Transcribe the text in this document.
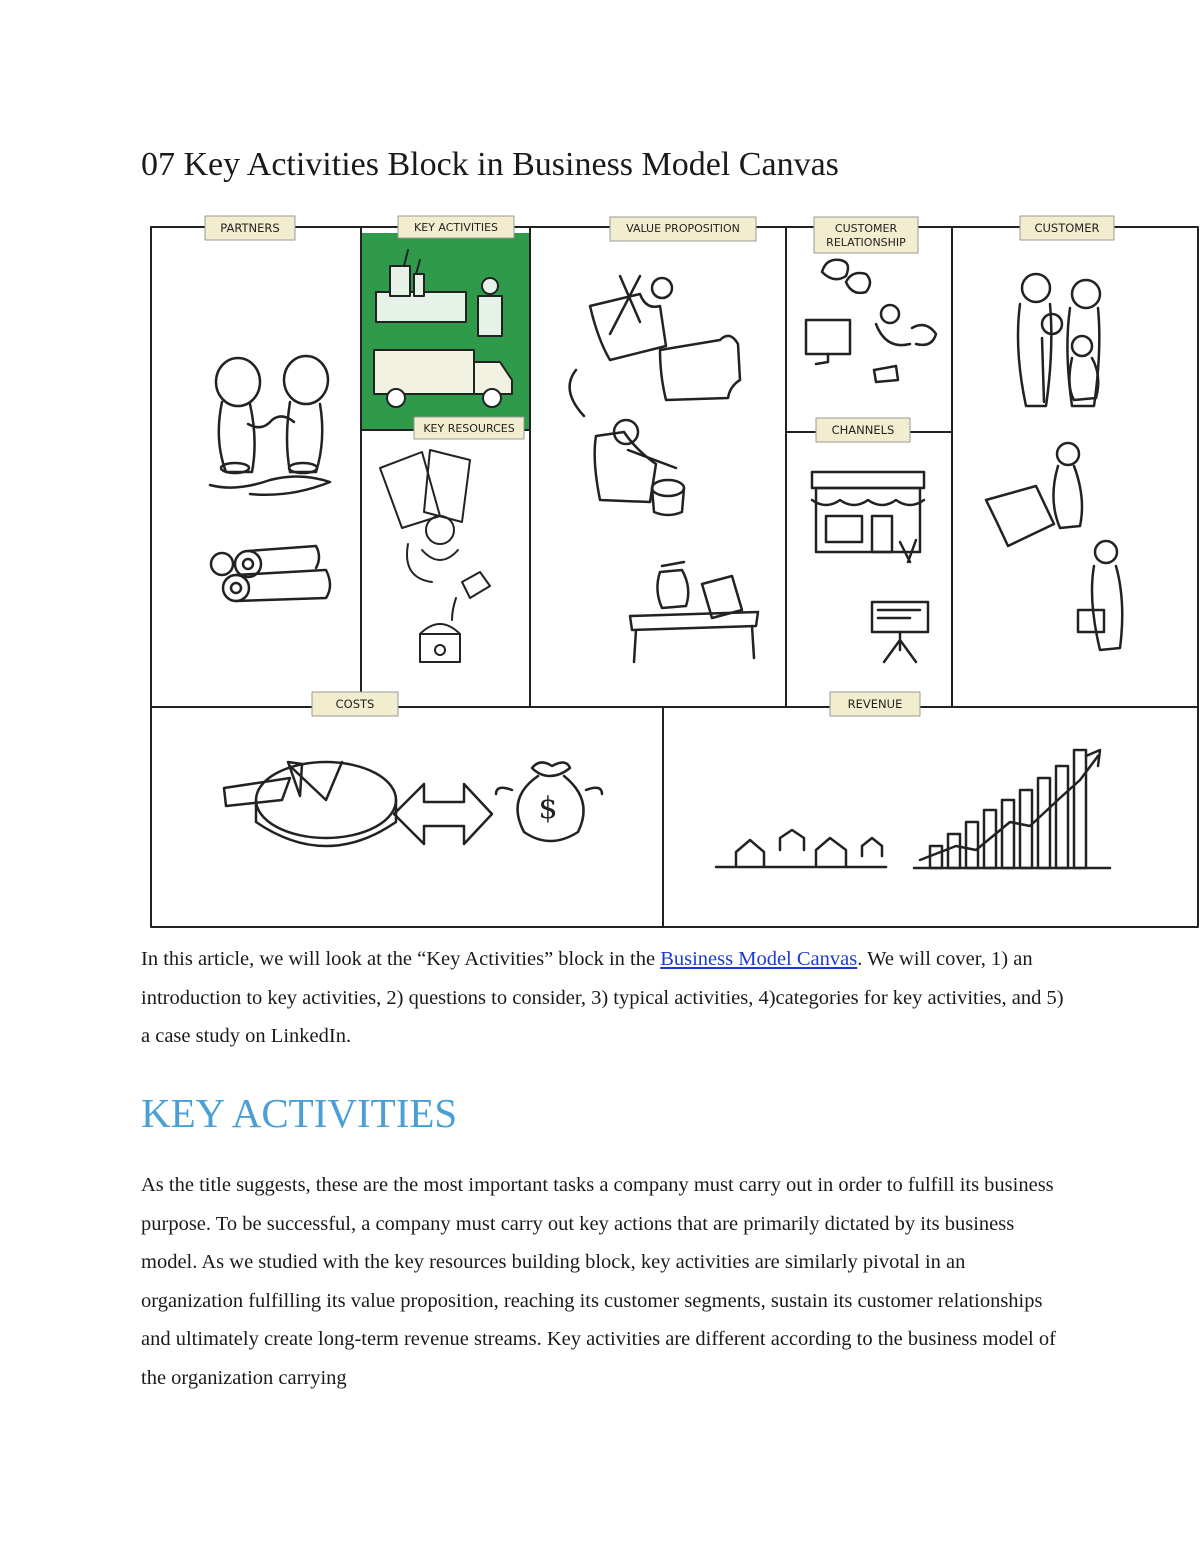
07 Key Activities Block in Business Model Canvas
PARTNERS	KEY ACTIVITIES	VALUE PROPOSITION	CUSTOMER
RELATIONSHIP
CUSTOMER
KEY RESOURCES	CHANNELS
COSTS	REVENUE
$

In this article, we will look at the “Key Activities” block in the Business Model Canvas. We will cover, 1) an introduction to key activities, 2) questions to consider, 3) typical activities, 4)categories for key activities, and 5) a case study on LinkedIn.

KEY ACTIVITIES

As the title suggests, these are the most important tasks a company must carry out in order to fulfill its business purpose. To be successful, a company must carry out key actions that are primarily dictated by its business model. As we studied with the key resources building block, key activities are similarly pivotal in an organization fulfilling its value proposition, reaching its customer segments, sustain its customer relationships and ultimately create long-term revenue streams. Key activities are different according to the business model of the organization carrying
